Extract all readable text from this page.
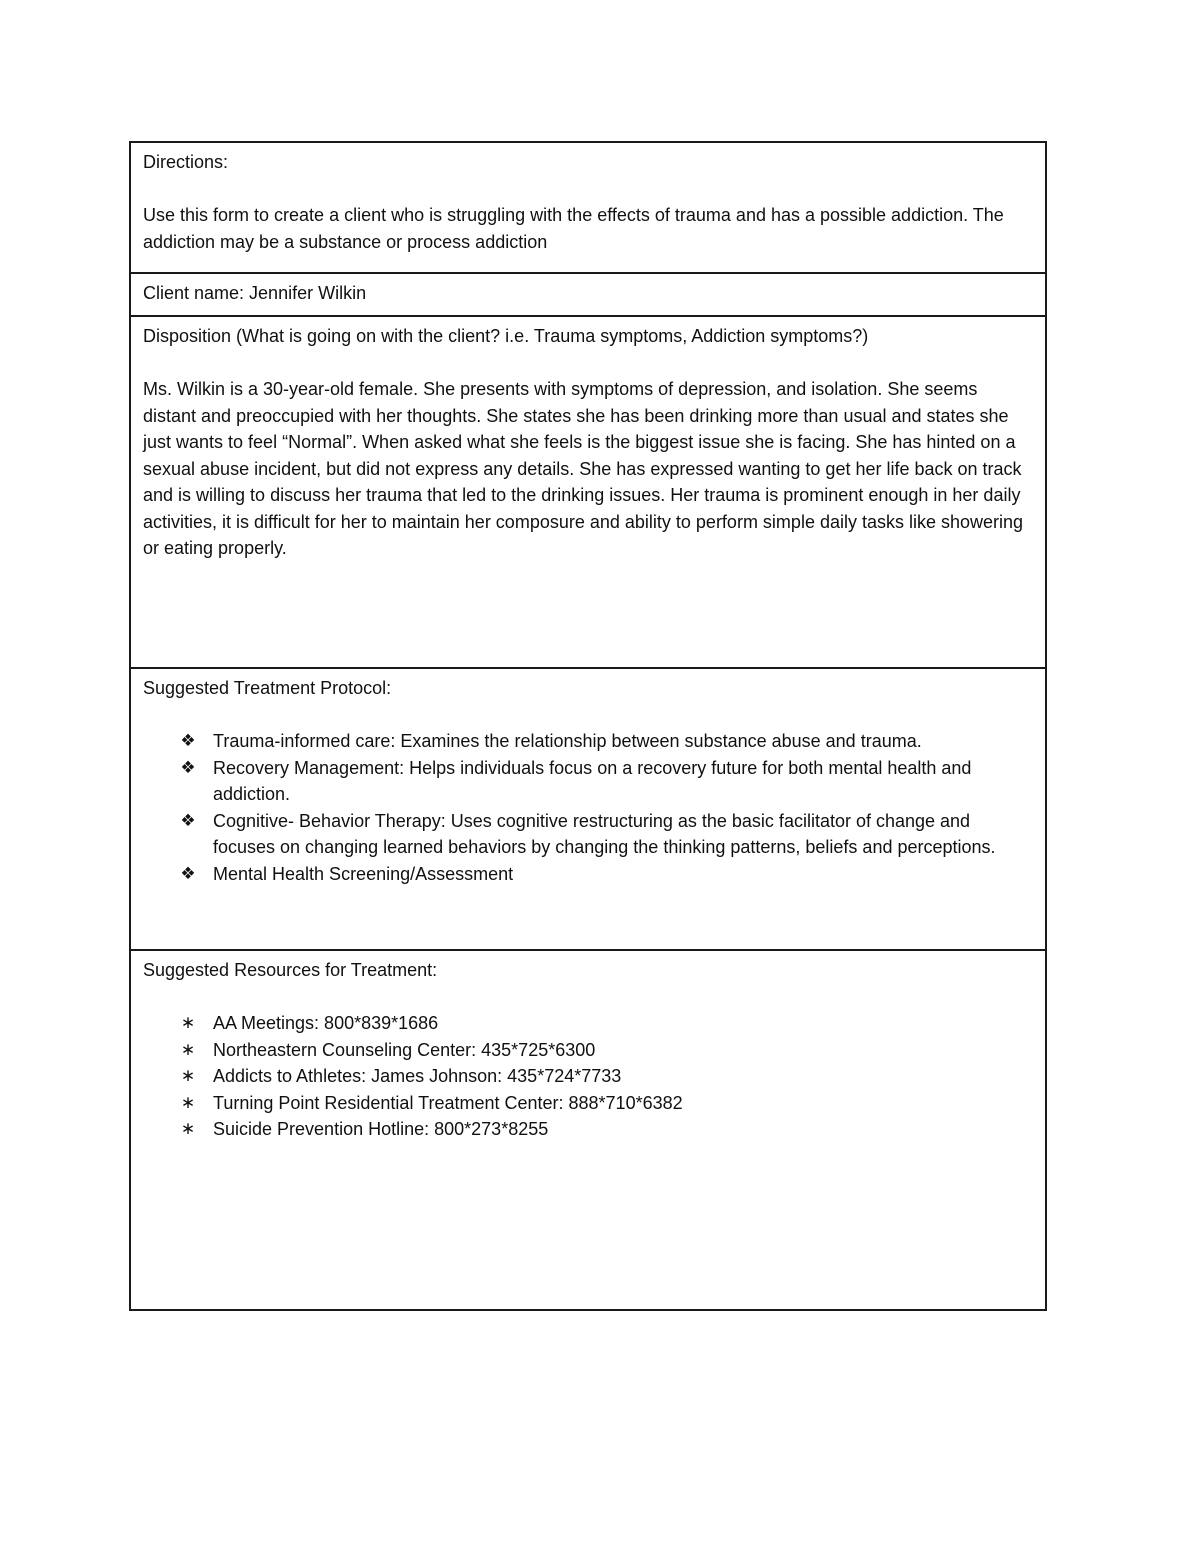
Directions:

Use this form to create a client who is struggling with the effects of trauma and has a possible addiction. The addiction may be a substance or process addiction

Client name: Jennifer Wilkin

Disposition (What is going on with the client? i.e. Trauma symptoms, Addiction symptoms?)

Ms. Wilkin is a 30-year-old female. She presents with symptoms of depression, and isolation. She seems distant and preoccupied with her thoughts. She states she has been drinking more than usual and states she just wants to feel “Normal”. When asked what she feels is the biggest issue she is facing. She has hinted on a sexual abuse incident, but did not express any details. She has expressed wanting to get her life back on track and is willing to discuss her trauma that led to the drinking issues. Her trauma is prominent enough in her daily activities, it is difficult for her to maintain her composure and ability to perform simple daily tasks like showering or eating properly.

Suggested Treatment Protocol:

❖ Trauma-informed care: Examines the relationship between substance abuse and trauma.
❖ Recovery Management: Helps individuals focus on a recovery future for both mental health and addiction.
❖ Cognitive- Behavior Therapy: Uses cognitive restructuring as the basic facilitator of change and focuses on changing learned behaviors by changing the thinking patterns, beliefs and perceptions.
❖ Mental Health Screening/Assessment

Suggested Resources for Treatment:

∗ AA Meetings: 800*839*1686
∗ Northeastern Counseling Center: 435*725*6300
∗ Addicts to Athletes: James Johnson: 435*724*7733
∗ Turning Point Residential Treatment Center: 888*710*6382
∗ Suicide Prevention Hotline: 800*273*8255
